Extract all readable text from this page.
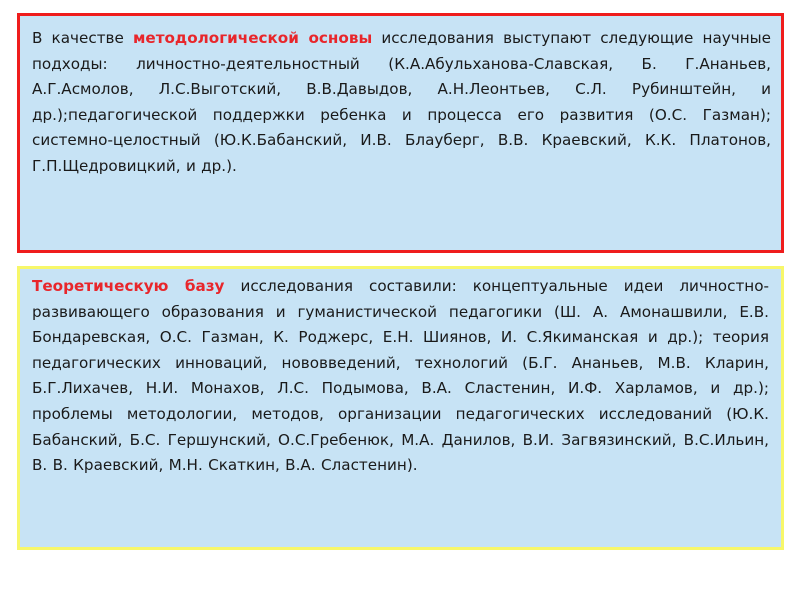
В качестве методологической основы исследования выступают следующие научные подходы: личностно-деятельностный (К.А.Абульханова-Славская, Б. Г.Ананьев, А.Г.Асмолов, Л.С.Выготский, В.В.Давыдов, А.Н.Леонтьев, С.Л. Рубинштейн, и др.);педагогической поддержки ребенка и процесса его развития (О.С. Газман); системно-целостный (Ю.К.Бабанский, И.В. Блауберг, В.В. Краевский, К.К. Платонов, Г.П.Щедровицкий, и др.).
Теоретическую базу исследования составили: концептуальные идеи личностно-развивающего образования и гуманистической педагогики (Ш. А. Амонашвили, Е.В. Бондаревская, О.С. Газман, К. Роджерс, Е.Н. Шиянов, И. С.Якиманская и др.); теория педагогических инноваций, нововведений, технологий (Б.Г. Ананьев, М.В. Кларин, Б.Г.Лихачев, Н.И. Монахов, Л.С. Подымова, В.А. Сластенин, И.Ф. Харламов, и др.); проблемы методологии, методов, организации педагогических исследований (Ю.К. Бабанский, Б.С. Гершунский, О.С.Гребенюк, М.А. Данилов, В.И. Загвязинский, В.С.Ильин, В. В. Краевский, М.Н. Скаткин, В.А. Сластенин).
